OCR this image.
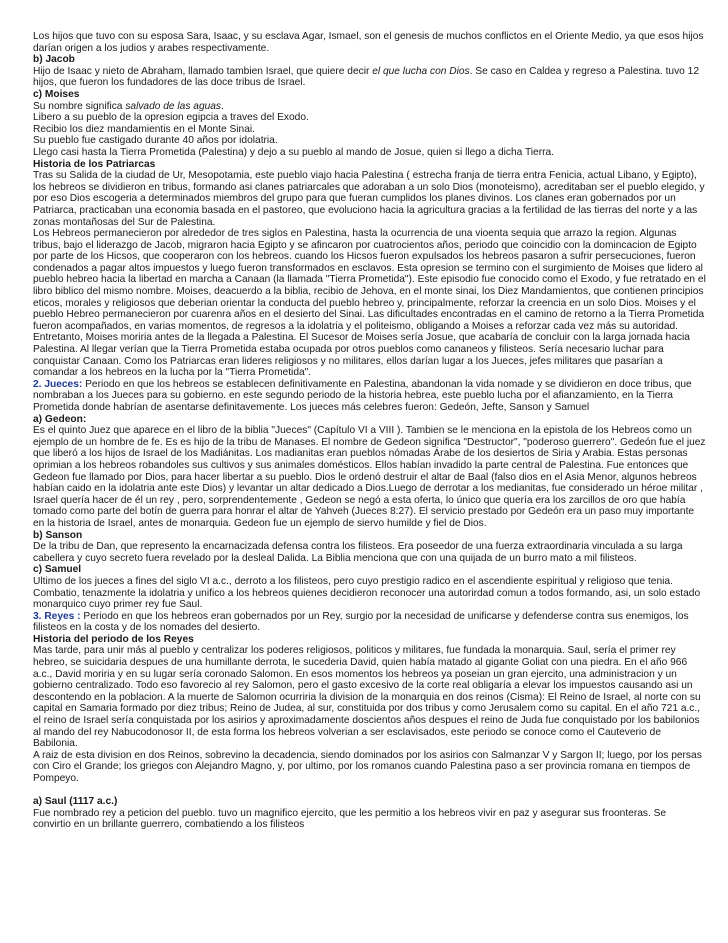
Los hijos que tuvo con su esposa Sara, Isaac, y su esclava Agar, Ismael, son el genesis de muchos conflictos en el Oriente Medio, ya que esos hijos darían origen a los judios y arabes respectivamente.

b) Jacob

Hijo de Isaac y nieto de Abraham, llamado tambien Israel, que quiere decir el que lucha con Dios. Se caso en Caldea y regreso a Palestina. tuvo 12 hijos, que fueron los fundadores de las doce tribus de Israel.

c) Moises

Su nombre significa salvado de las aguas.

Libero a su pueblo de la opresion egipcia a traves del Exodo.

Recibio los diez mandamientis en el Monte Sinai.

Su pueblo fue castigado durante 40 años por idolatria.

Llego casi hasta la Tierra Prometida (Palestina) y dejo a su pueblo al mando de Josue, quien si llego a dicha Tierra.

Historia de los Patriarcas

Tras su Salida de la ciudad de Ur, Mesopotamia, este pueblo viajo hacia Palestina ( estrecha franja de tierra entra Fenicia, actual Libano, y Egipto), los hebreos se dividieron en tribus, formando asi clanes patriarcales que adoraban a un solo Dios (monoteismo), acreditaban ser el pueblo elegido, y por eso Dios escogeria a determinados miembros del grupo para que fueran cumplidos los planes divinos. Los clanes eran gobernados por un Patriarca, practicaban una economia basada en el pastoreo, que evoluciono hacia la agricultura gracias a la fertilidad de las tierras del norte y a las zonas montañosas del Sur de Palestina.

Los Hebreos permanecieron por alrededor de tres siglos en Palestina, hasta la ocurrencia de una vioenta sequia que arrazo la region. Algunas tribus, bajo el liderazgo de Jacob, migraron hacia Egipto y se afincaron por cuatrocientos años, periodo que coincidio con la domincacion de Egipto por parte de los Hicsos, que cooperaron con los hebreos. cuando los Hicsos fueron expulsados los hebreos pasaron a sufrir persecuciones, fueron condenados a pagar altos impuestos y luego fueron transformados en esclavos. Esta opresion se termino con el surgimiento de Moises que lidero al pueblo hebreo hacia la libertad en marcha a Canaan (la llamada "Tierra Prometida"). Este episodio fue conocido como el Exodo, y fue retratado en el libro biblico del mismo nombre. Moises, deacuerdo a la biblia, recibio de Jehova, en el monte sinai, los Diez Mandamientos, que contienen principios eticos, morales y religiosos que deberian orientar la conducta del pueblo hebreo y, principalmente, reforzar la creencia en un solo Dios. Moises y el pueblo Hebreo permanecieron por cuarenra años en el desierto del Sinai. Las dificultades encontradas en el camino de retorno a la Tierra Prometida fueron acompañados, en varias momentos, de regresos a la idolatria y el politeismo, obligando a Moises a reforzar cada vez más su autoridad. Entretanto, Moises moriria antes de la llegada a Palestina. El Sucesor de Moises sería Josue, que acabaría de concluir con la larga jornada hacia Palestina. Al llegar verían que la Tierra Prometida estaba ocupada por otros pueblos como cananeos y filisteos. Sería necesario luchar para conquistar Canaan. Como los Patriarcas eran lideres religiosos y no militares, ellos darían lugar a los Jueces, jefes militares que pasarían a comandar a los hebreos en la lucha por la "Tierra Prometida".

2. Jueces: Periodo en que los hebreos se establecen definitivamente en Palestina, abandonan la vida nomade y se dividieron en doce tribus, que nombraban a los Jueces para su gobierno. en este segundo periodo de la historia hebrea, este pueblo lucha por el afianzamiento, en la Tierra Prometida donde habrían de asentarse definitavemente. Los jueces más celebres fueron: Gedeón, Jefte, Sanson y Samuel

a) Gedeon:

Es el quinto Juez que aparece en el libro de la biblia "Jueces" (Capítulo VI a VIII ). Tambien se le menciona en la epistola de los Hebreos como un ejemplo de un hombre de fe. Es es hijo de la tribu de Manases. El nombre de Gedeon significa "Destructor", "poderoso guerrero". Gedeón fue el juez que liberó a los hijos de Israel de los Madiánitas. Los madianitas eran pueblos nómadas Árabe de los desiertos de Siria y Arabia. Estas personas oprimian a los hebreos robandoles sus cultivos y sus animales domésticos. Ellos habían invadido la parte central de Palestina. Fue entonces que Gedeon fue llamado por Dios, para hacer libertar a su pueblo. Dios le ordenó destruir el altar de Baal (falso dios en el Asia Menor, algunos hebreos habían caido en la idolatria ante este Dios) y levantar un altar dedicado a Dios.Luego de derrotar a los medianitas, fue considerado un héroe militar , Israel quería hacer de él un rey , pero, sorprendentemente , Gedeon se negó a esta oferta, lo único que quería era los zarcillos de oro que había tomado como parte del botín de guerra para honrar el altar de Yahveh (Jueces 8:27). El servicio prestado por Gedeón era un paso muy importante en la historia de Israel, antes de monarquia. Gedeon fue un ejemplo de siervo humilde y fiel de Dios.

b) Sanson

De la tribu de Dan, que represento la encarnacizada defensa contra los filisteos. Era poseedor de una fuerza extraordinaria vinculada a su larga cabellera y cuyo secreto fuera revelado por la desleal Dalida. La Biblia menciona que con una quijada de un burro mato a mil filisteos.

c) Samuel

Ultimo de los jueces a fines del siglo VI a.c., derroto a los filisteos, pero cuyo prestigio radico en el ascendiente espiritual y religioso que tenia. Combatio, tenazmente la idolatria y unifico a los hebreos quienes decidieron reconocer una autorirdad comun a todos formando, asi, un solo estado monarquico cuyo primer rey fue Saul.

3. Reyes : Periodo en que los hebreos eran gobernados por un Rey, surgio por la necesidad de unificarse y defenderse contra sus enemigos, los filisteos en la costa y de los nomades del desierto.

Historia del periodo de los Reyes

Mas tarde, para unir más al pueblo y centralizar los poderes religiosos, politicos y militares, fue fundada la monarquia. Saul, sería el primer rey hebreo, se suicidaria despues de una humillante derrota, le sucederia David, quien había matado al gigante Goliat con una piedra. En el año 966 a.c., David moriria y en su lugar sería coronado Salomon. En esos momentos los hebreos ya poseian un gran ejercito, una administracion y un gobierno centralizado. Todo eso favorecio al rey Salomon, pero el gasto excesivo de la corte real obligaría a elevar los impuestos causando asi un descontendo en la poblacion. A la muerte de Salomon ocurriria la division de la monarquia en dos reinos (Cisma): El Reino de Israel, al norte con su capital en Samaria formado por diez tribus; Reino de Judea, al sur, constituida por dos tribus y como Jerusalem como su capital. En el año 721 a.c., el reino de Israel sería conquistada por los asirios y aproximadamente doscientos años despues el reino de Juda fue conquistado por los babilonios al mando del rey Nabucodonosor II, de esta forma los hebreos volverian a ser esclavisados, este periodo se conoce como el Cauteverio de Babilonia.

A raiz de esta division en dos Reinos, sobrevino la decadencia, siendo dominados por los asirios con Salmanzar V y Sargon II; luego, por los persas con Ciro el Grande; los griegos con Alejandro Magno, y, por ultimo, por los romanos cuando Palestina paso a ser provincia romana en tiempos de Pompeyo.

a) Saul (1117 a.c.)

Fue nombrado rey a peticion del pueblo. tuvo un magnifico ejercito, que les permitio a los hebreos vivir en paz y asegurar sus froonteras. Se convirtio en un brillante guerrero, combatiendo a los filisteos
